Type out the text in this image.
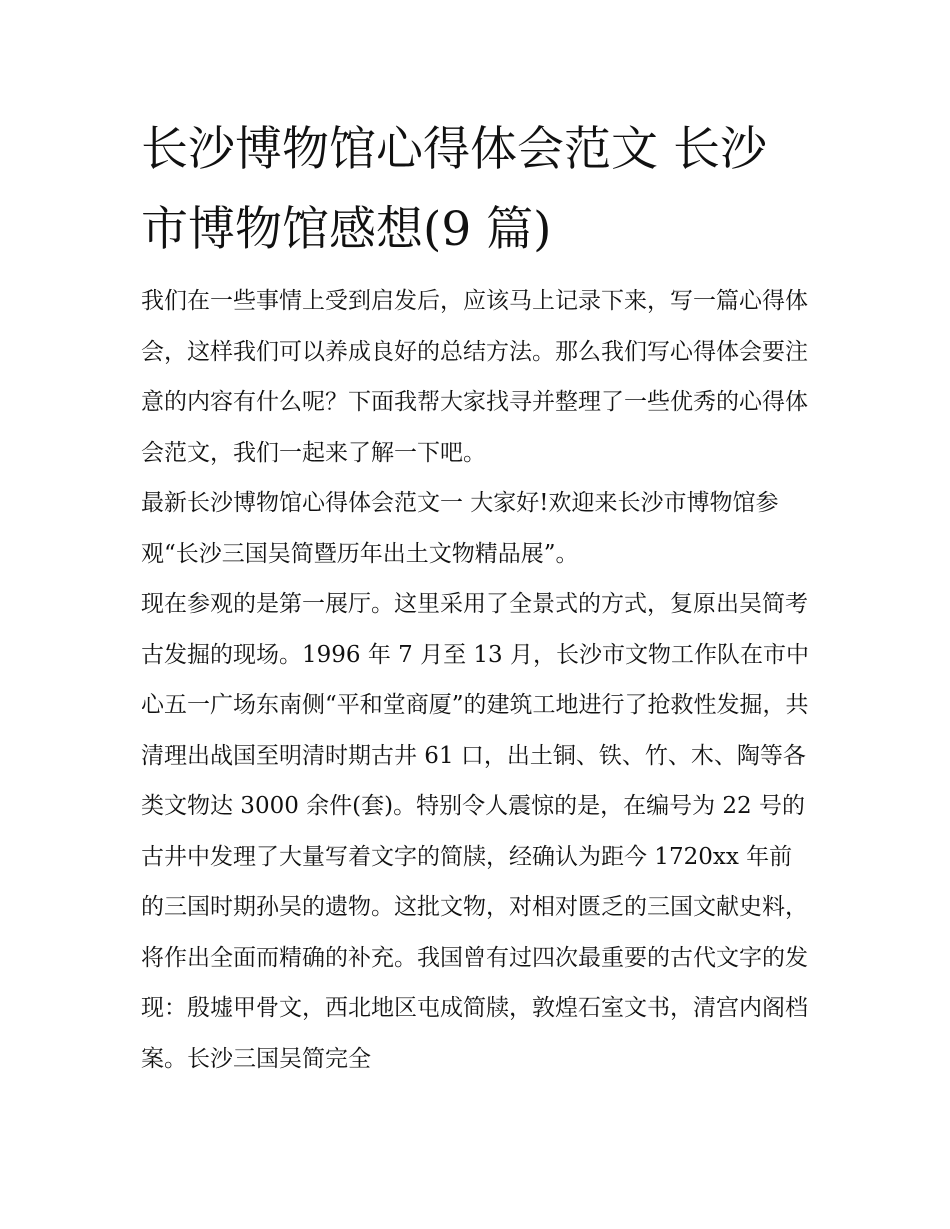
长沙博物馆心得体会范文 长沙市博物馆感想(9 篇)

我们在一些事情上受到启发后，应该马上记录下来，写一篇心得体会，这样我们可以养成良好的总结方法。那么我们写心得体会要注意的内容有什么呢？下面我帮大家找寻并整理了一些优秀的心得体会范文，我们一起来了解一下吧。

最新长沙博物馆心得体会范文一 大家好!欢迎来长沙市博物馆参观“长沙三国吴简暨历年出土文物精品展”。

现在参观的是第一展厅。这里采用了全景式的方式，复原出吴简考古发掘的现场。1996 年 7 月至 13 月，长沙市文物工作队在市中心五一广场东南侧“平和堂商厦”的建筑工地进行了抢救性发掘，共清理出战国至明清时期古井 61 口，出土铜、铁、竹、木、陶等各类文物达 3000 余件(套)。特别令人震惊的是，在编号为 22 号的古井中发理了大量写着文字的简牍，经确认为距今 1720xx 年前的三国时期孙吴的遗物。这批文物，对相对匮乏的三国文献史料，将作出全面而精确的补充。我国曾有过四次最重要的古代文字的发现：殷墟甲骨文，西北地区屯成简牍，敦煌石室文书，清宫内阁档案。长沙三国吴简完全
